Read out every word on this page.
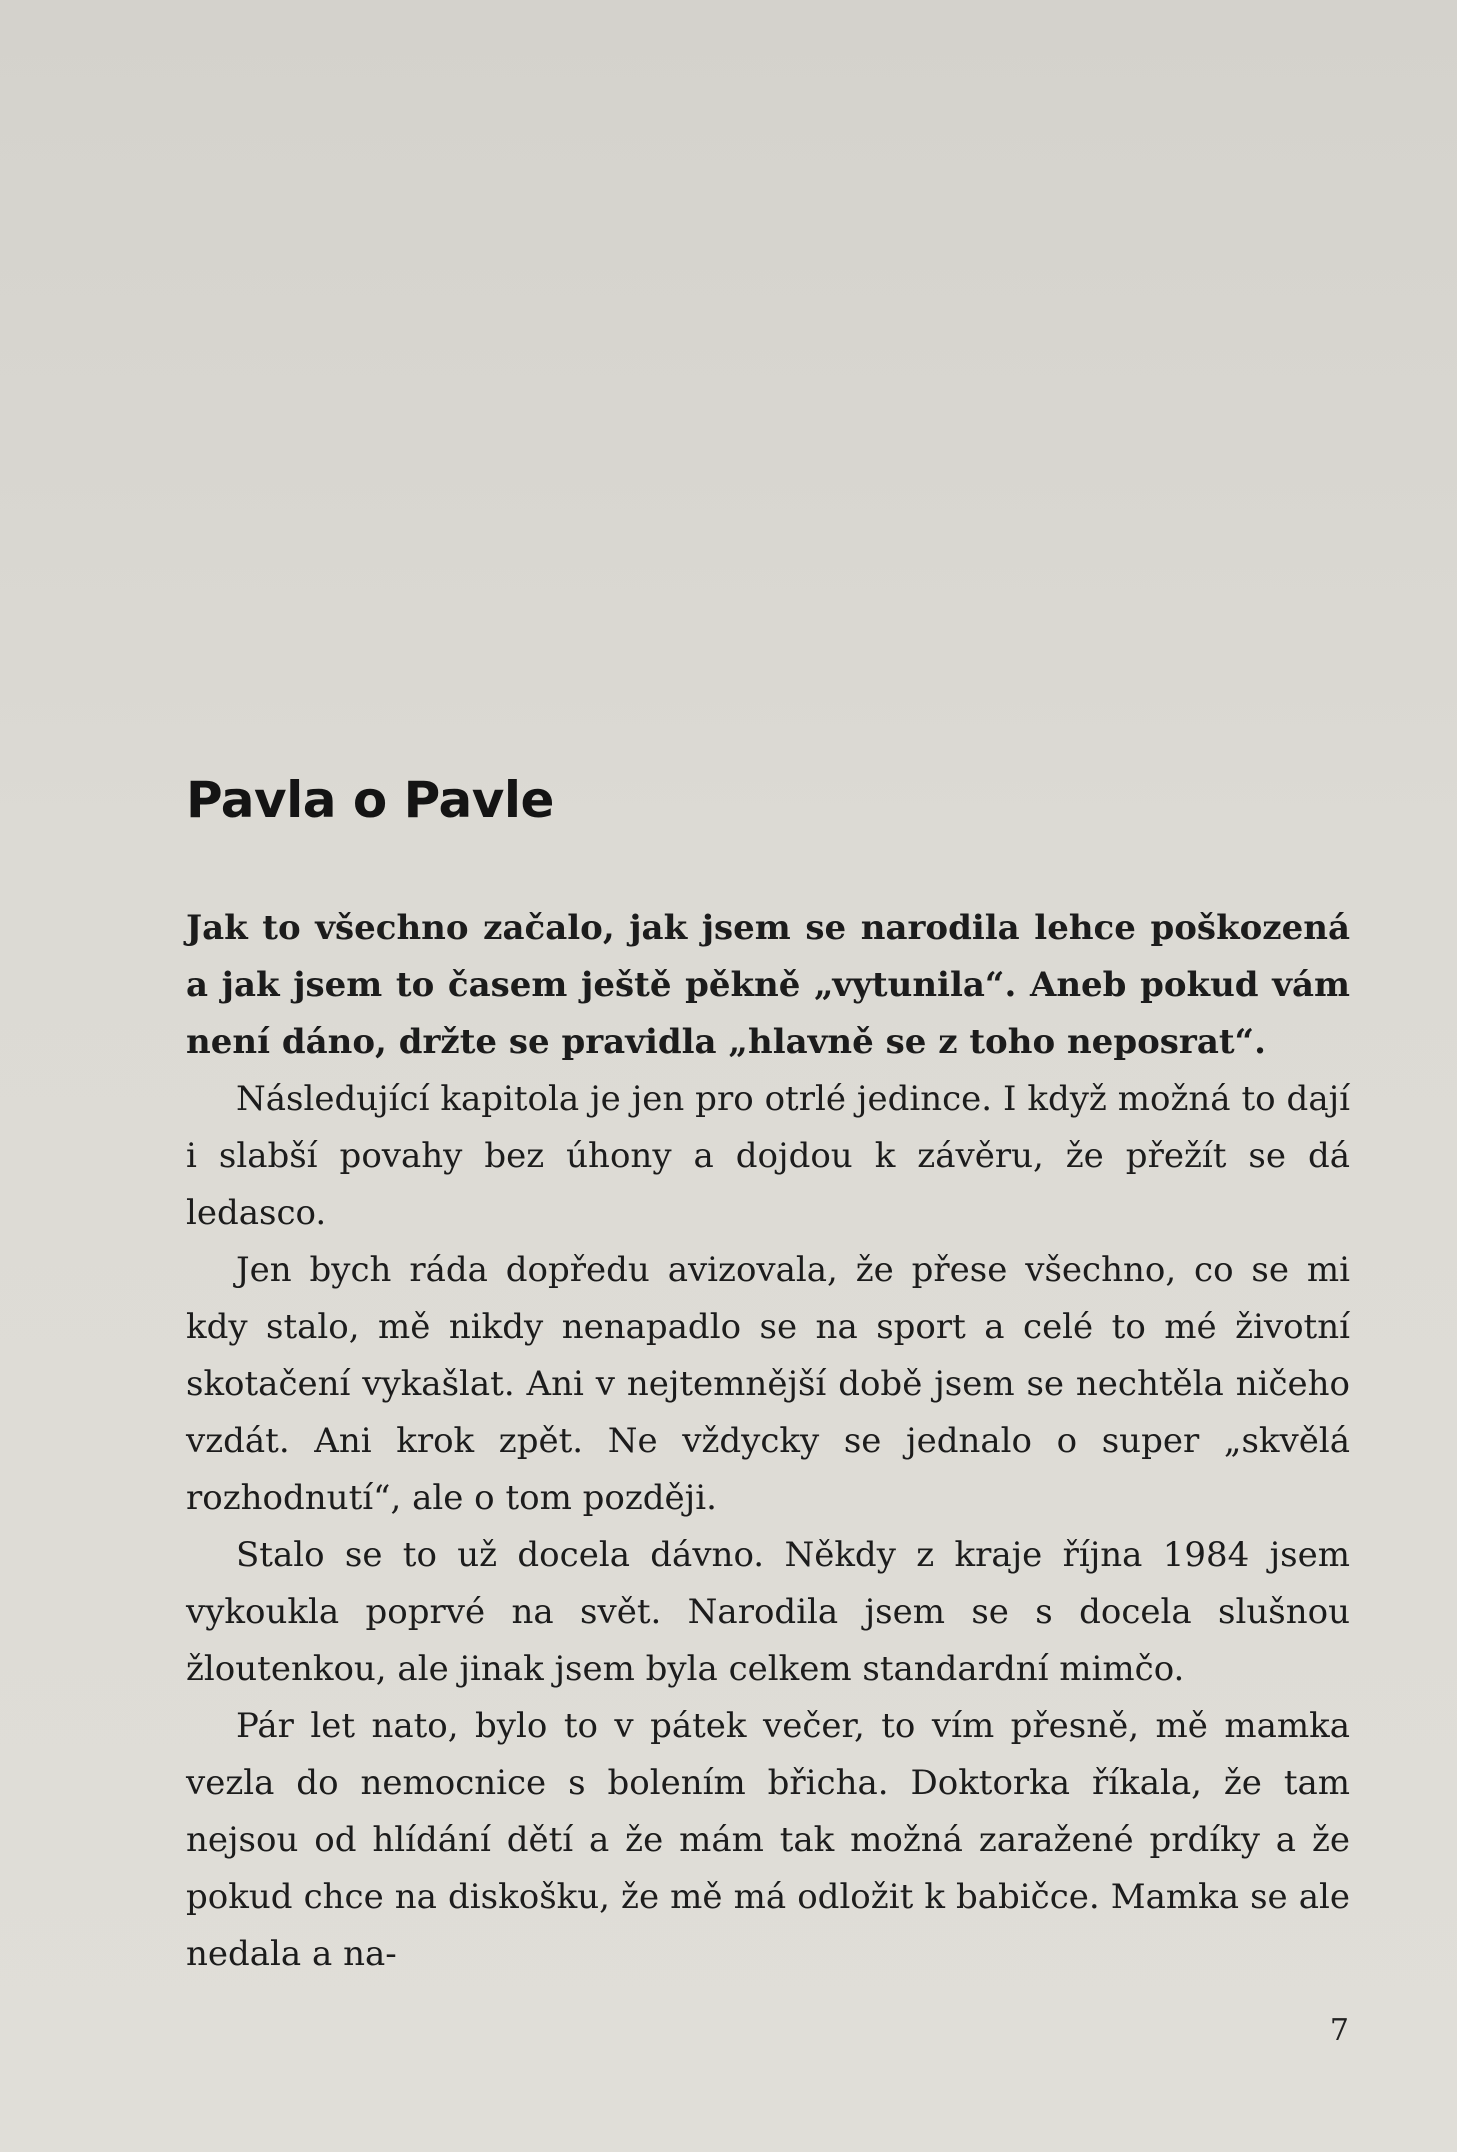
Pavla o Pavle

Jak to všechno začalo, jak jsem se narodila lehce poškozená a jak jsem to časem ještě pěkně „vytunila“. Aneb pokud vám není dáno, držte se pravidla „hlavně se z toho neposrat“.

Následující kapitola je jen pro otrlé jedince. I když možná to dají i slabší povahy bez úhony a dojdou k závěru, že přežít se dá ledasco.

Jen bych ráda dopředu avizovala, že přese všechno, co se mi kdy stalo, mě nikdy nenapadlo se na sport a celé to mé životní skotačení vykašlat. Ani v nejtemnější době jsem se nechtěla ničeho vzdát. Ani krok zpět. Ne vždycky se jednalo o super „skvělá rozhodnutí“, ale o tom později.

Stalo se to už docela dávno. Někdy z kraje října 1984 jsem vykoukla poprvé na svět. Narodila jsem se s docela slušnou žloutenkou, ale jinak jsem byla celkem standardní mimčo.

Pár let nato, bylo to v pátek večer, to vím přesně, mě mamka vezla do nemocnice s bolením břicha. Doktorka říkala, že tam nejsou od hlídání dětí a že mám tak možná zaražené prdíky a že pokud chce na diskošku, že mě má odložit k babičce. Mamka se ale nedala a na-

7
